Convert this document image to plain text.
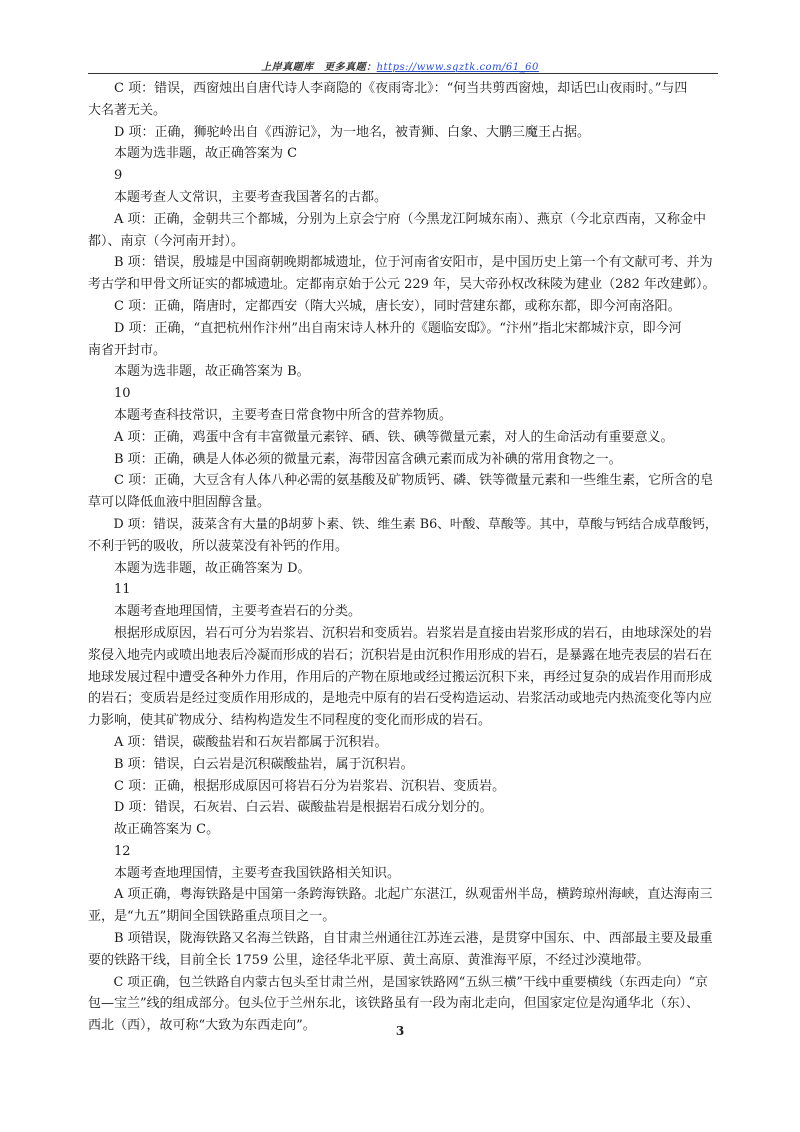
上岸真题库　更多真题：https://www.sqztk.com/61_60
C 项：错误，西窗烛出自唐代诗人李商隐的《夜雨寄北》：“何当共剪西窗烛，却话巴山夜雨时。”与四
大名著无关。
D 项：正确，狮驼岭出自《西游记》，为一地名，被青狮、白象、大鹏三魔王占据。
本题为选非题，故正确答案为 C
9
本题考查人文常识，主要考查我国著名的古都。
A 项：正确，金朝共三个都城，分别为上京会宁府（今黑龙江阿城东南）、燕京（今北京西南，又称金中
都）、南京（今河南开封）。
B 项：错误，殷墟是中国商朝晚期都城遗址，位于河南省安阳市，是中国历史上第一个有文献可考、并为
考古学和甲骨文所证实的都城遗址。定都南京始于公元 229 年，吴大帝孙权改秣陵为建业（282 年改建邺）。
C 项：正确，隋唐时，定都西安（隋大兴城，唐长安），同时营建东都，或称东都，即今河南洛阳。
D 项：正确，“直把杭州作汴州”出自南宋诗人林升的《题临安邸》。“汴州”指北宋都城汴京，即今河
南省开封市。
本题为选非题，故正确答案为 B。
10
本题考查科技常识，主要考查日常食物中所含的营养物质。
A 项：正确，鸡蛋中含有丰富微量元素锌、硒、铁、碘等微量元素，对人的生命活动有重要意义。
B 项：正确，碘是人体必须的微量元素，海带因富含碘元素而成为补碘的常用食物之一。
C 项：正确，大豆含有人体八种必需的氨基酸及矿物质钙、磷、铁等微量元素和一些维生素，它所含的皂
草可以降低血液中胆固醇含量。
D 项：错误，菠菜含有大量的β胡萝卜素、铁、维生素 B6、叶酸、草酸等。其中，草酸与钙结合成草酸钙，
不利于钙的吸收，所以菠菜没有补钙的作用。
本题为选非题，故正确答案为 D。
11
本题考查地理国情，主要考查岩石的分类。
根据形成原因，岩石可分为岩浆岩、沉积岩和变质岩。岩浆岩是直接由岩浆形成的岩石，由地球深处的岩
浆侵入地壳内或喷出地表后冷凝而形成的岩石；沉积岩是由沉积作用形成的岩石，是暴露在地壳表层的岩石在
地球发展过程中遭受各种外力作用，作用后的产物在原地或经过搬运沉积下来，再经过复杂的成岩作用而形成
的岩石；变质岩是经过变质作用形成的，是地壳中原有的岩石受构造运动、岩浆活动或地壳内热流变化等内应
力影响，使其矿物成分、结构构造发生不同程度的变化而形成的岩石。
A 项：错误，碳酸盐岩和石灰岩都属于沉积岩。
B 项：错误，白云岩是沉积碳酸盐岩，属于沉积岩。
C 项：正确，根据形成原因可将岩石分为岩浆岩、沉积岩、变质岩。
D 项：错误，石灰岩、白云岩、碳酸盐岩是根据岩石成分划分的。
故正确答案为 C。
12
本题考查地理国情，主要考查我国铁路相关知识。
A 项正确，粤海铁路是中国第一条跨海铁路。北起广东湛江，纵观雷州半岛，横跨琼州海峡，直达海南三
亚，是“九五”期间全国铁路重点项目之一。
B 项错误，陇海铁路又名海兰铁路，自甘肃兰州通往江苏连云港，是贯穿中国东、中、西部最主要及最重
要的铁路干线，目前全长 1759 公里，途径华北平原、黄土高原、黄淮海平原，不经过沙漠地带。
C 项正确，包兰铁路自内蒙古包头至甘肃兰州，是国家铁路网“五纵三横”干线中重要横线（东西走向）“京
包—宝兰”线的组成部分。包头位于兰州东北，该铁路虽有一段为南北走向，但国家定位是沟通华北（东）、
西北（西），故可称“大致为东西走向”。	3
